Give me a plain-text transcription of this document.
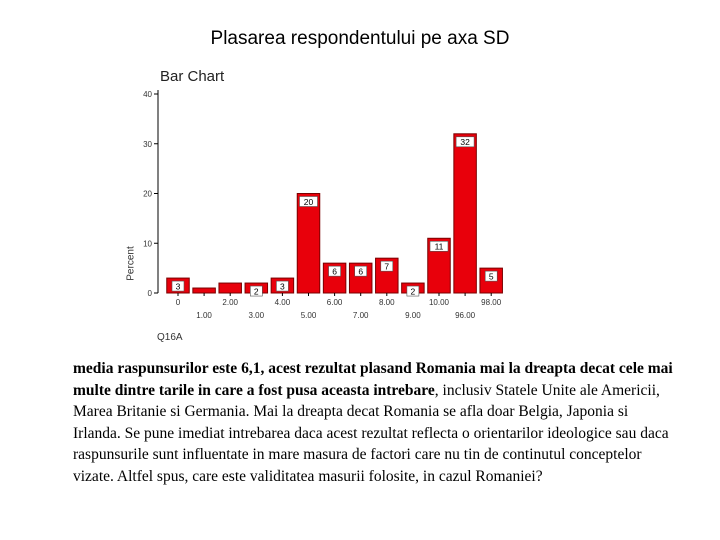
Plasarea respondentului pe axa SD
Bar Chart
Percent
Q16A
0
10
20
30
40
3
0
1.00
2.00
2
3.00
3
4.00
20
5.00
6
6.00
6
7.00
7
8.00
2
9.00
11
10.00
32
96.00
5
98.00

media raspunsurilor este 6,1, acest rezultat plasand Romania mai la dreapta decat cele mai multe dintre tarile in care a fost pusa aceasta intrebare, inclusiv Statele Unite ale Americii, Marea Britanie si Germania. Mai la dreapta decat Romania se afla doar Belgia, Japonia si Irlanda. Se pune imediat intrebarea daca acest rezultat reflecta o orientarilor ideologice sau daca raspunsurile sunt influentate in mare masura de factori care nu tin de continutul conceptelor vizate. Altfel spus, care este validitatea masurii folosite, in cazul Romaniei?
